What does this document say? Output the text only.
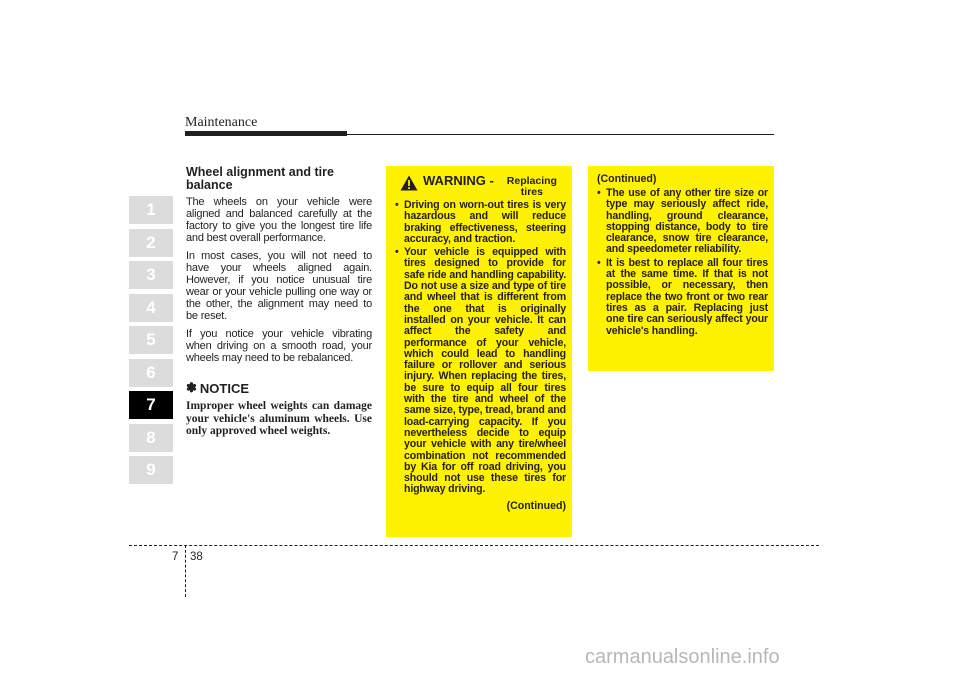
Maintenance
1
2
3
4
5
6
7
8
9
Wheel alignment and tire balance

The wheels on your vehicle were aligned and balanced carefully at the factory to give you the longest tire life and best overall performance.

In most cases, you will not need to have your wheels aligned again. However, if you notice unusual tire wear or your vehicle pulling one way or the other, the alignment may need to be reset.

If you notice your vehicle vibrating when driving on a smooth road, your wheels may need to be rebalanced.

✽ NOTICE

Improper wheel weights can damage your vehicle's aluminum wheels. Use only approved wheel weights.

WARNING -	Replacing tires
• Driving on worn-out tires is very hazardous and will reduce braking effectiveness, steering accuracy, and traction.
• Your vehicle is equipped with tires designed to provide for safe ride and handling capability. Do not use a size and type of tire and wheel that is different from the one that is originally installed on your vehicle. It can affect the safety and performance of your vehicle, which could lead to handling failure or rollover and serious injury. When replacing the tires, be sure to equip all four tires with the tire and wheel of the same size, type, tread, brand and load-carrying capacity. If you nevertheless decide to equip your vehicle with any tire/wheel combination not recommended by Kia for off road driving, you should not use these tires for highway driving.
(Continued)
(Continued)
• The use of any other tire size or type may seriously affect ride, handling, ground clearance, stopping distance, body to tire clearance, snow tire clearance, and speedometer reliability.
• It is best to replace all four tires at the same time. If that is not possible, or necessary, then replace the two front or two rear tires as a pair. Replacing just one tire can seriously affect your vehicle's handling.
7 38
carmanualsonline.info
